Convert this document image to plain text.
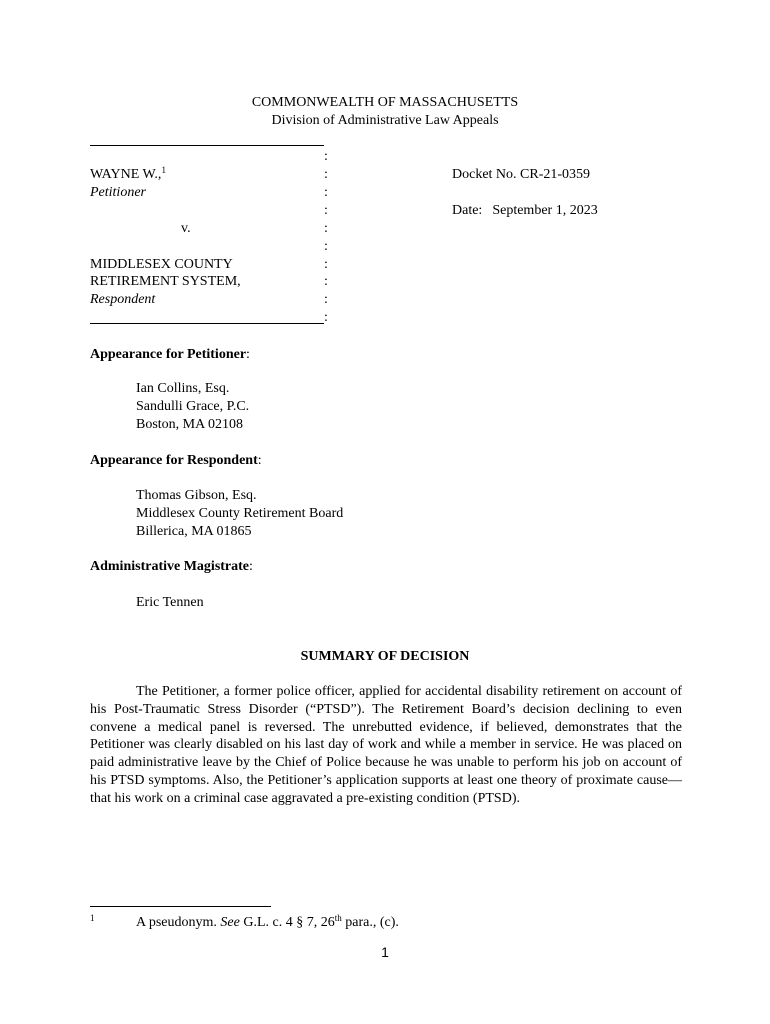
COMMONWEALTH OF MASSACHUSETTS
Division of Administrative Law Appeals
WAYNE W.,$^1$
Petitioner
v.
MIDDLESEX COUNTY
RETIREMENT SYSTEM,
Respondent
:
:
:
:
:
:
:
:
:
:
Docket No. CR-21-0359
Date: September 1, 2023
Appearance for Petitioner:
Ian Collins, Esq.
Sandulli Grace, P.C.
Boston, MA 02108
Appearance for Respondent:
Thomas Gibson, Esq.
Middlesex County Retirement Board
Billerica, MA 01865
Administrative Magistrate:
Eric Tennen
SUMMARY OF DECISION
The Petitioner, a former police officer, applied for accidental disability retirement on account of his Post-Traumatic Stress Disorder (“PTSD”). The Retirement Board’s decision declining to even convene a medical panel is reversed. The unrebutted evidence, if believed, demonstrates that the Petitioner was clearly disabled on his last day of work and while a member in service. He was placed on paid administrative leave by the Chief of Police because he was unable to perform his job on account of his PTSD symptoms. Also, the Petitioner’s application supports at least one theory of proximate cause—that his work on a criminal case aggravated a pre-existing condition (PTSD).
1	A pseudonym. See G.L. c. 4 § 7, 26th para., (c).
1
